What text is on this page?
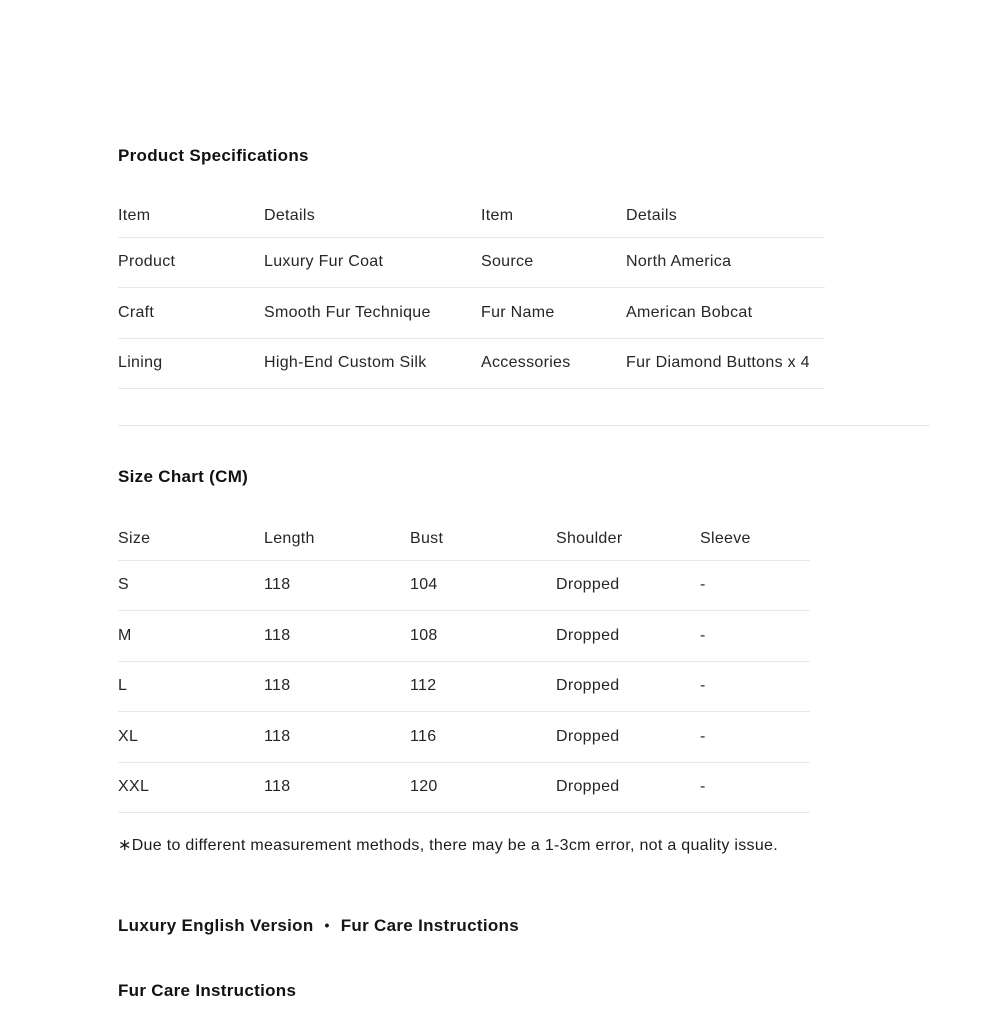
Product Specifications
Item	Details	Item	Details
Product	Luxury Fur Coat	Source	North America
Craft	Smooth Fur Technique	Fur Name	American Bobcat
Lining	High-End Custom Silk	Accessories	Fur Diamond Buttons x 4
Size Chart (CM)
Size	Length	Bust	Shoulder	Sleeve
S	118	104	Dropped	-
M	118	108	Dropped	-
L	118	112	Dropped	-
XL	118	116	Dropped	-
XXL	118	120	Dropped	-
∗Due to different measurement methods, there may be a 1-3cm error, not a quality issue.
Luxury English Version • Fur Care Instructions
Fur Care Instructions
